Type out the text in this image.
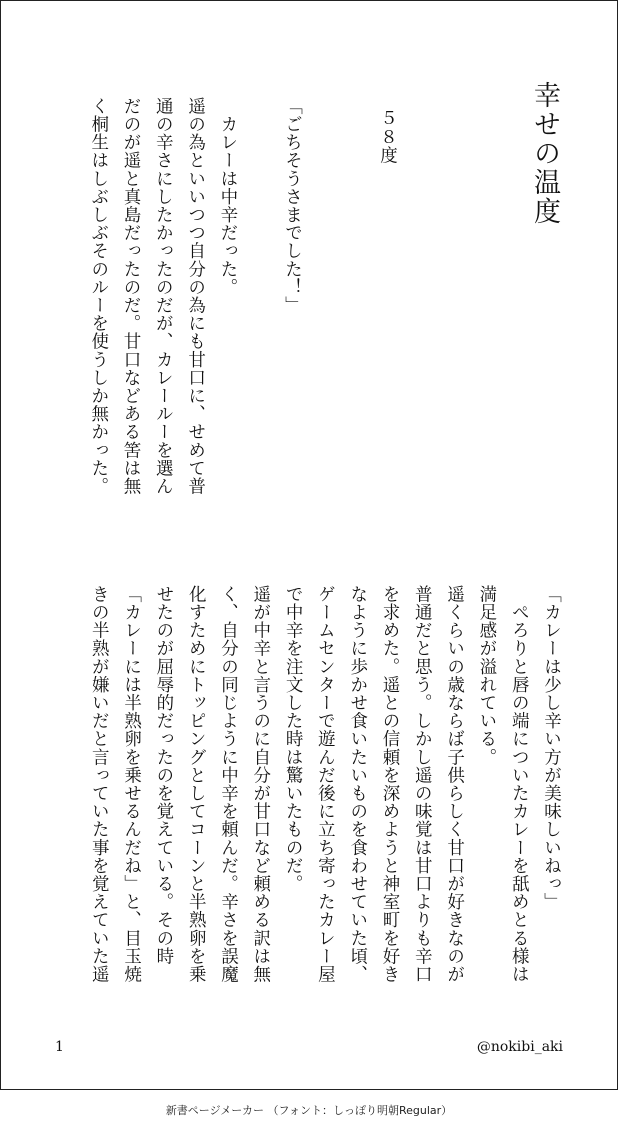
幸せの温度
５８度
「ごちそうさまでした！」
　カレーは中辛だった。
遥の為といいつつ自分の為にも甘口に、せめて普
通の辛さにしたかったのだが、カレールーを選ん
だのが遥と真島だったのだ。甘口などある筈は無
く桐生はしぶしぶそのルーを使うしか無かった。
「カレーは少し辛い方が美味しいねっ」
　ぺろりと唇の端についたカレーを舐めとる様は
満足感が溢れている。
遥くらいの歳ならば子供らしく甘口が好きなのが
普通だと思う。しかし遥の味覚は甘口よりも辛口
を求めた。遥との信頼を深めようと神室町を好き
なように歩かせ食いたいものを食わせていた頃、
ゲームセンターで遊んだ後に立ち寄ったカレー屋
で中辛を注文した時は驚いたものだ。
遥が中辛と言うのに自分が甘口など頼める訳は無
く、自分の同じように中辛を頼んだ。辛さを誤魔
化すためにトッピングとしてコーンと半熟卵を乗
せたのが屈辱的だったのを覚えている。その時
「カレーには半熟卵を乗せるんだね」と、目玉焼
きの半熟が嫌いだと言っていた事を覚えていた遥
1	@nokibi_aki
新書ページメーカー （フォント：しっぽり明朝Regular）
